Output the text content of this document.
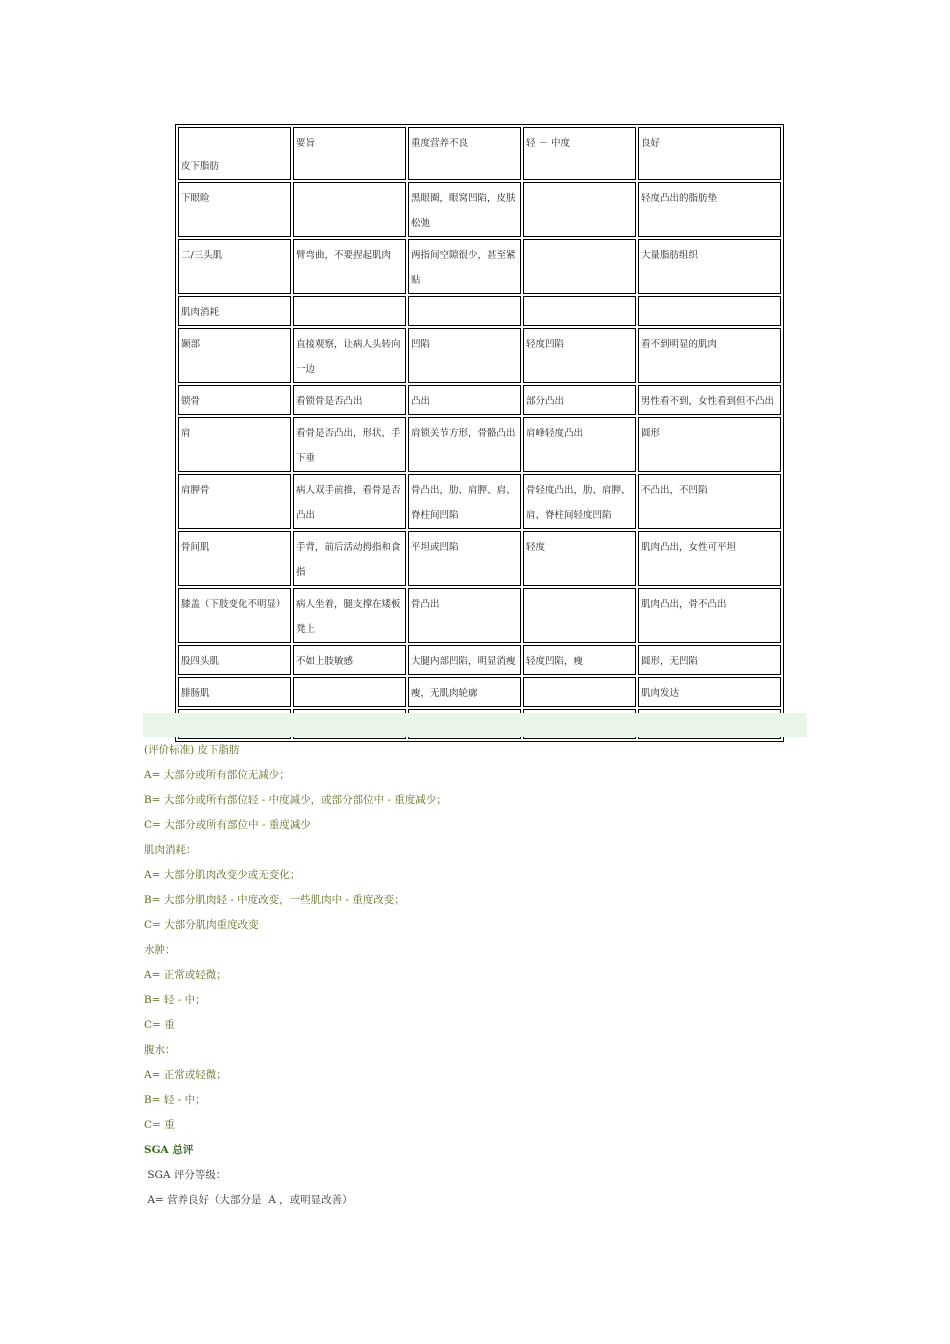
皮下脂肪	要旨	重度营养不良	轻 － 中度	良好
下眼睑		黑眼圈，眼窝凹陷，皮肤松弛		轻度凸出的脂肪垫
二/三头肌	臂弯曲，不要捏起肌肉	两指间空隙很少，甚至紧贴		大量脂肪组织
肌肉消耗				
颞部	直接观察，让病人头转向一边	凹陷	轻度凹陷	看不到明显的肌肉
锁骨	看锁骨是否凸出	凸出	部分凸出	男性看不到，女性看到但不凸出
肩	看骨是否凸出，形状，手下垂	肩锁关节方形，骨骼凸出	肩峰轻度凸出	圆形
肩胛骨	病人双手前推，看骨是否凸出	骨凸出，肋、肩胛、肩、脊柱间凹陷	骨轻度凸出，肋、肩胛、肩、脊柱间轻度凹陷	不凸出，不凹陷
骨间肌	手背，前后活动拇指和食指	平坦或凹陷	轻度	肌肉凸出，女性可平坦
膝盖（下肢变化不明显）	病人坐着，腿支撑在矮板凳上	骨凸出		肌肉凸出，骨不凸出
股四头肌	不如上肢敏感	大腿内部凹陷，明显消瘦	轻度凹陷，瘦	圆形，无凹陷
腓肠肌		瘦，无肌肉轮廓		肌肉发达

(评价标准) 皮下脂肪
A= 大部分或所有部位无减少；
B= 大部分或所有部位轻 - 中度减少，或部分部位中 - 重度减少；
C= 大部分或所有部位中 - 重度减少
肌肉消耗：
A= 大部分肌肉改变少或无变化；
B= 大部分肌肉轻 - 中度改变，一些肌肉中 - 重度改变；
C= 大部分肌肉重度改变
水肿：
A= 正常或轻微；
B= 轻 - 中；
C= 重
腹水：
A= 正常或轻微；
B= 轻 - 中；
C= 重
SGA 总评
SGA 评分等级：
A= 营养良好（大部分是  A ，或明显改善）
